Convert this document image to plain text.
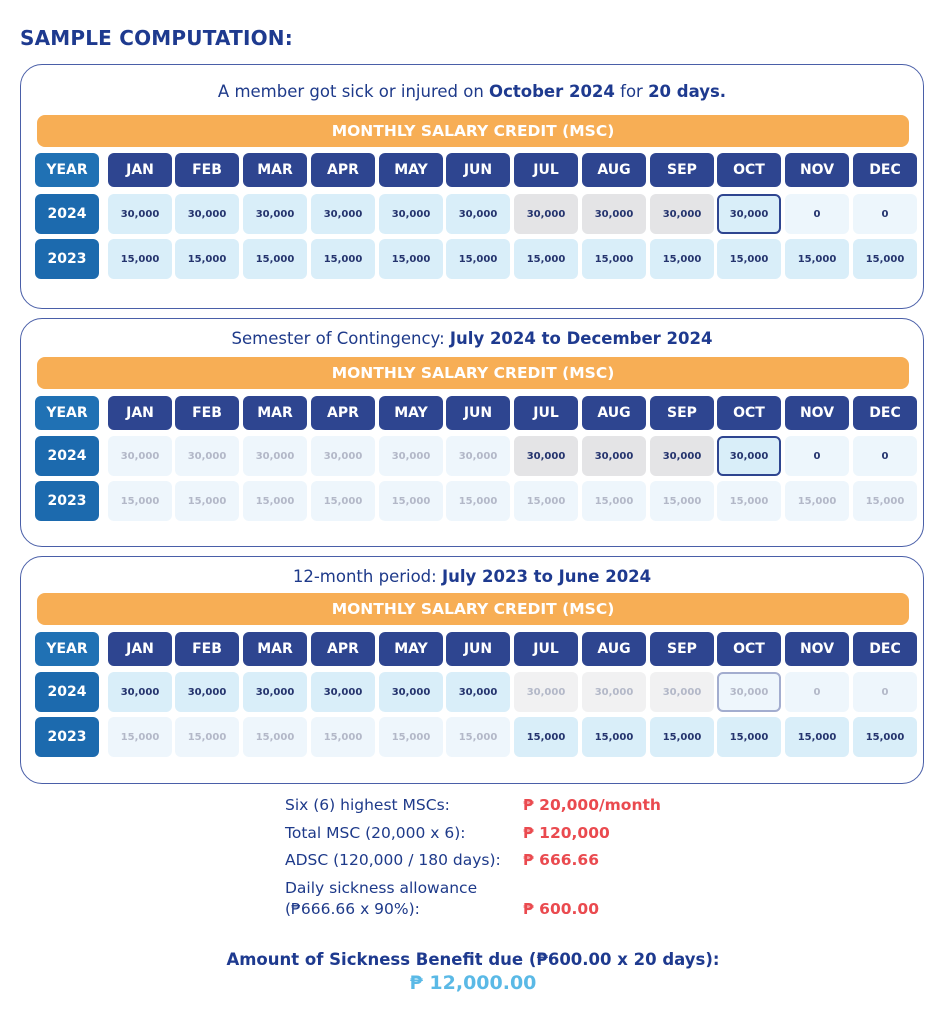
SAMPLE COMPUTATION:
A member got sick or injured on October 2024 for 20 days.
MONTHLY SALARY CREDIT (MSC)
YEAR	JAN	FEB	MAR	APR	MAY	JUN	JUL	AUG	SEP	OCT	NOV	DEC
2024	30,000	30,000	30,000	30,000	30,000	30,000	30,000	30,000	30,000	30,000	0	0
2023	15,000	15,000	15,000	15,000	15,000	15,000	15,000	15,000	15,000	15,000	15,000	15,000
Semester of Contingency: July 2024 to December 2024
MONTHLY SALARY CREDIT (MSC)
YEAR	JAN	FEB	MAR	APR	MAY	JUN	JUL	AUG	SEP	OCT	NOV	DEC
2024	30,000	30,000	30,000	30,000	30,000	30,000	30,000	30,000	30,000	30,000	0	0
2023	15,000	15,000	15,000	15,000	15,000	15,000	15,000	15,000	15,000	15,000	15,000	15,000
12-month period: July 2023 to June 2024
MONTHLY SALARY CREDIT (MSC)
YEAR	JAN	FEB	MAR	APR	MAY	JUN	JUL	AUG	SEP	OCT	NOV	DEC
2024	30,000	30,000	30,000	30,000	30,000	30,000	30,000	30,000	30,000	30,000	0	0
2023	15,000	15,000	15,000	15,000	15,000	15,000	15,000	15,000	15,000	15,000	15,000	15,000
Six (6) highest MSCs:	₱ 20,000/month
Total MSC (20,000 x 6):	₱ 120,000
ADSC (120,000 / 180 days): ₱ 666.66
Daily sickness allowance
(₱666.66 x 90%):	₱ 600.00
Amount of Sickness Benefit due (₱600.00 x 20 days):
₱ 12,000.00
